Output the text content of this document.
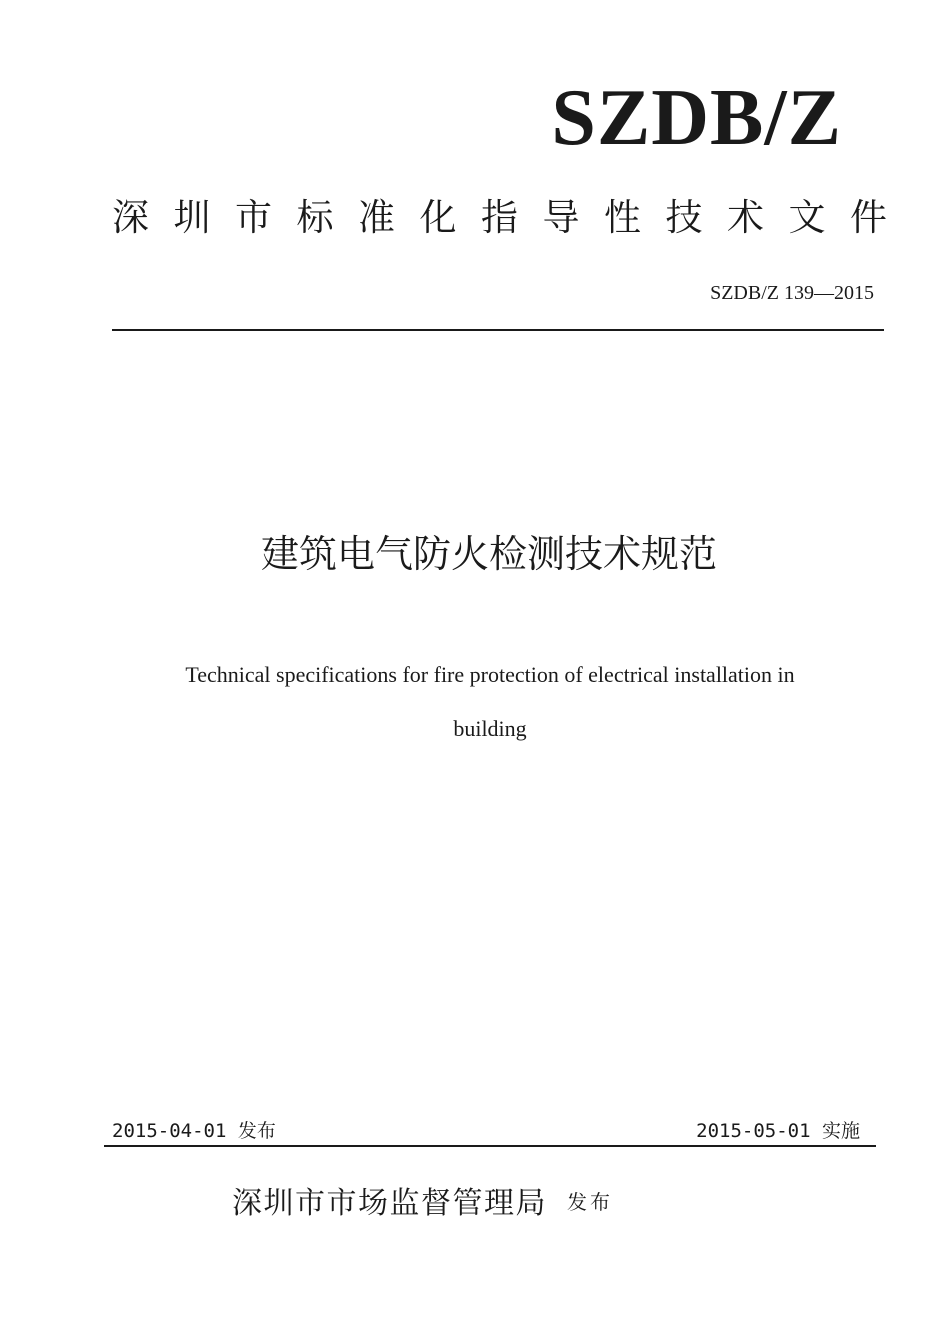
SZDB/Z
深圳市标准化指导性技术文件
SZDB/Z 139—2015
建筑电气防火检测技术规范
Technical specifications for fire protection of electrical installation in
building
2015-04-01 发布	2015-05-01 实施
深圳市市场监督管理局 发布
